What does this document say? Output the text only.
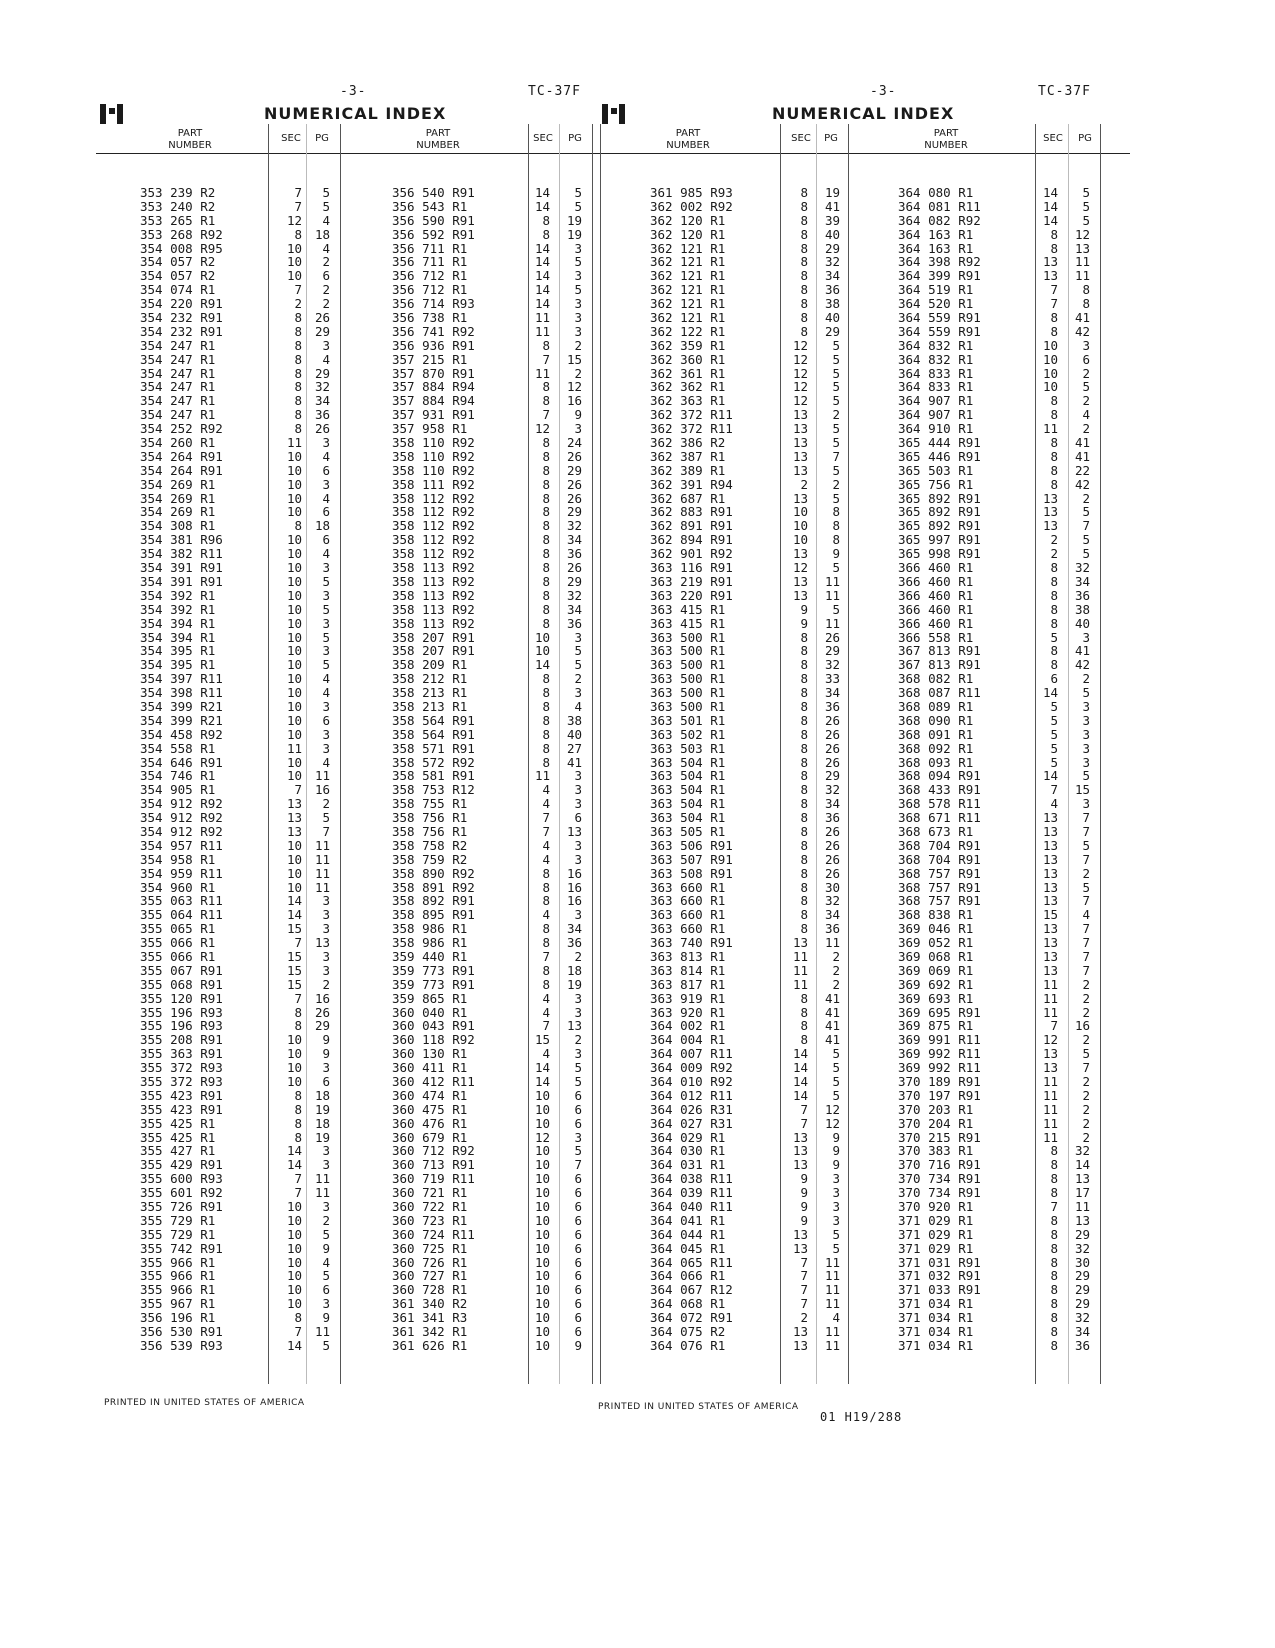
-3-	TC-37F
NUMERICAL INDEX
PART
NUMBER
SEC	PG	PART
NUMBER
SEC	PG
353 239 R2	7	5
353 240 R2	7	5
353 265 R1	12	4
353 268 R92	8	18
354 008 R95	10	4
354 057 R2	10	2
354 057 R2	10	6
354 074 R1	7	2
354 220 R91	2	2
354 232 R91	8	26
354 232 R91	8	29
354 247 R1	8	3
354 247 R1	8	4
354 247 R1	8	29
354 247 R1	8	32
354 247 R1	8	34
354 247 R1	8	36
354 252 R92	8	26
354 260 R1	11	3
354 264 R91	10	4
354 264 R91	10	6
354 269 R1	10	3
354 269 R1	10	4
354 269 R1	10	6
354 308 R1	8	18
354 381 R96	10	6
354 382 R11	10	4
354 391 R91	10	3
354 391 R91	10	5
354 392 R1	10	3
354 392 R1	10	5
354 394 R1	10	3
354 394 R1	10	5
354 395 R1	10	3
354 395 R1	10	5
354 397 R11	10	4
354 398 R11	10	4
354 399 R21	10	3
354 399 R21	10	6
354 458 R92	10	3
354 558 R1	11	3
354 646 R91	10	4
354 746 R1	10	11
354 905 R1	7	16
354 912 R92	13	2
354 912 R92	13	5
354 912 R92	13	7
354 957 R11	10	11
354 958 R1	10	11
354 959 R11	10	11
354 960 R1	10	11
355 063 R11	14	3
355 064 R11	14	3
355 065 R1	15	3
355 066 R1	7	13
355 066 R1	15	3
355 067 R91	15	3
355 068 R91	15	2
355 120 R91	7	16
355 196 R93	8	26
355 196 R93	8	29
355 208 R91	10	9
355 363 R91	10	9
355 372 R93	10	3
355 372 R93	10	6
355 423 R91	8	18
355 423 R91	8	19
355 425 R1	8	18
355 425 R1	8	19
355 427 R1	14	3
355 429 R91	14	3
355 600 R93	7	11
355 601 R92	7	11
355 726 R91	10	3
355 729 R1	10	2
355 729 R1	10	5
355 742 R91	10	9
355 966 R1	10	4
355 966 R1	10	5
355 966 R1	10	6
355 967 R1	10	3
356 196 R1	8	9
356 530 R91	7	11
356 539 R93	14	5
356 540 R91	14	5
356 543 R1	14	5
356 590 R91	8	19
356 592 R91	8	19
356 711 R1	14	3
356 711 R1	14	5
356 712 R1	14	3
356 712 R1	14	5
356 714 R93	14	3
356 738 R1	11	3
356 741 R92	11	3
356 936 R91	8	2
357 215 R1	7	15
357 870 R91	11	2
357 884 R94	8	12
357 884 R94	8	16
357 931 R91	7	9
357 958 R1	12	3
358 110 R92	8	24
358 110 R92	8	26
358 110 R92	8	29
358 111 R92	8	26
358 112 R92	8	26
358 112 R92	8	29
358 112 R92	8	32
358 112 R92	8	34
358 112 R92	8	36
358 113 R92	8	26
358 113 R92	8	29
358 113 R92	8	32
358 113 R92	8	34
358 113 R92	8	36
358 207 R91	10	3
358 207 R91	10	5
358 209 R1	14	5
358 212 R1	8	2
358 213 R1	8	3
358 213 R1	8	4
358 564 R91	8	38
358 564 R91	8	40
358 571 R91	8	27
358 572 R92	8	41
358 581 R91	11	3
358 753 R12	4	3
358 755 R1	4	3
358 756 R1	7	6
358 756 R1	7	13
358 758 R2	4	3
358 759 R2	4	3
358 890 R92	8	16
358 891 R92	8	16
358 892 R91	8	16
358 895 R91	4	3
358 986 R1	8	34
358 986 R1	8	36
359 440 R1	7	2
359 773 R91	8	18
359 773 R91	8	19
359 865 R1	4	3
360 040 R1	4	3
360 043 R91	7	13
360 118 R92	15	2
360 130 R1	4	3
360 411 R1	14	5
360 412 R11	14	5
360 474 R1	10	6
360 475 R1	10	6
360 476 R1	10	6
360 679 R1	12	3
360 712 R92	10	5
360 713 R91	10	7
360 719 R11	10	6
360 721 R1	10	6
360 722 R1	10	6
360 723 R1	10	6
360 724 R11	10	6
360 725 R1	10	6
360 726 R1	10	6
360 727 R1	10	6
360 728 R1	10	6
361 340 R2	10	6
361 341 R3	10	6
361 342 R1	10	6
361 626 R1	10	9
PRINTED IN UNITED STATES OF AMERICA
-3-	TC-37F
NUMERICAL INDEX
PART
NUMBER
SEC	PG	PART
NUMBER
SEC	PG
361 985 R93	8	19
362 002 R92	8	41
362 120 R1	8	39
362 120 R1	8	40
362 121 R1	8	29
362 121 R1	8	32
362 121 R1	8	34
362 121 R1	8	36
362 121 R1	8	38
362 121 R1	8	40
362 122 R1	8	29
362 359 R1	12	5
362 360 R1	12	5
362 361 R1	12	5
362 362 R1	12	5
362 363 R1	12	5
362 372 R11	13	2
362 372 R11	13	5
362 386 R2	13	5
362 387 R1	13	7
362 389 R1	13	5
362 391 R94	2	2
362 687 R1	13	5
362 883 R91	10	8
362 891 R91	10	8
362 894 R91	10	8
362 901 R92	13	9
363 116 R91	12	5
363 219 R91	13	11
363 220 R91	13	11
363 415 R1	9	5
363 415 R1	9	11
363 500 R1	8	26
363 500 R1	8	29
363 500 R1	8	32
363 500 R1	8	33
363 500 R1	8	34
363 500 R1	8	36
363 501 R1	8	26
363 502 R1	8	26
363 503 R1	8	26
363 504 R1	8	26
363 504 R1	8	29
363 504 R1	8	32
363 504 R1	8	34
363 504 R1	8	36
363 505 R1	8	26
363 506 R91	8	26
363 507 R91	8	26
363 508 R91	8	26
363 660 R1	8	30
363 660 R1	8	32
363 660 R1	8	34
363 660 R1	8	36
363 740 R91	13	11
363 813 R1	11	2
363 814 R1	11	2
363 817 R1	11	2
363 919 R1	8	41
363 920 R1	8	41
364 002 R1	8	41
364 004 R1	8	41
364 007 R11	14	5
364 009 R92	14	5
364 010 R92	14	5
364 012 R11	14	5
364 026 R31	7	12
364 027 R31	7	12
364 029 R1	13	9
364 030 R1	13	9
364 031 R1	13	9
364 038 R11	9	3
364 039 R11	9	3
364 040 R11	9	3
364 041 R1	9	3
364 044 R1	13	5
364 045 R1	13	5
364 065 R11	7	11
364 066 R1	7	11
364 067 R12	7	11
364 068 R1	7	11
364 072 R91	2	4
364 075 R2	13	11
364 076 R1	13	11
364 080 R1	14	5
364 081 R11	14	5
364 082 R92	14	5
364 163 R1	8	12
364 163 R1	8	13
364 398 R92	13	11
364 399 R91	13	11
364 519 R1	7	8
364 520 R1	7	8
364 559 R91	8	41
364 559 R91	8	42
364 832 R1	10	3
364 832 R1	10	6
364 833 R1	10	2
364 833 R1	10	5
364 907 R1	8	2
364 907 R1	8	4
364 910 R1	11	2
365 444 R91	8	41
365 446 R91	8	41
365 503 R1	8	22
365 756 R1	8	42
365 892 R91	13	2
365 892 R91	13	5
365 892 R91	13	7
365 997 R91	2	5
365 998 R91	2	5
366 460 R1	8	32
366 460 R1	8	34
366 460 R1	8	36
366 460 R1	8	38
366 460 R1	8	40
366 558 R1	5	3
367 813 R91	8	41
367 813 R91	8	42
368 082 R1	6	2
368 087 R11	14	5
368 089 R1	5	3
368 090 R1	5	3
368 091 R1	5	3
368 092 R1	5	3
368 093 R1	5	3
368 094 R91	14	5
368 433 R91	7	15
368 578 R11	4	3
368 671 R11	13	7
368 673 R1	13	7
368 704 R91	13	5
368 704 R91	13	7
368 757 R91	13	2
368 757 R91	13	5
368 757 R91	13	7
368 838 R1	15	4
369 046 R1	13	7
369 052 R1	13	7
369 068 R1	13	7
369 069 R1	13	7
369 692 R1	11	2
369 693 R1	11	2
369 695 R91	11	2
369 875 R1	7	16
369 991 R11	12	2
369 992 R11	13	5
369 992 R11	13	7
370 189 R91	11	2
370 197 R91	11	2
370 203 R1	11	2
370 204 R1	11	2
370 215 R91	11	2
370 383 R1	8	32
370 716 R91	8	14
370 734 R91	8	13
370 734 R91	8	17
370 920 R1	7	11
371 029 R1	8	13
371 029 R1	8	29
371 029 R1	8	32
371 031 R91	8	30
371 032 R91	8	29
371 033 R91	8	29
371 034 R1	8	29
371 034 R1	8	32
371 034 R1	8	34
371 034 R1	8	36
PRINTED IN UNITED STATES OF AMERICA
01 H19/288
